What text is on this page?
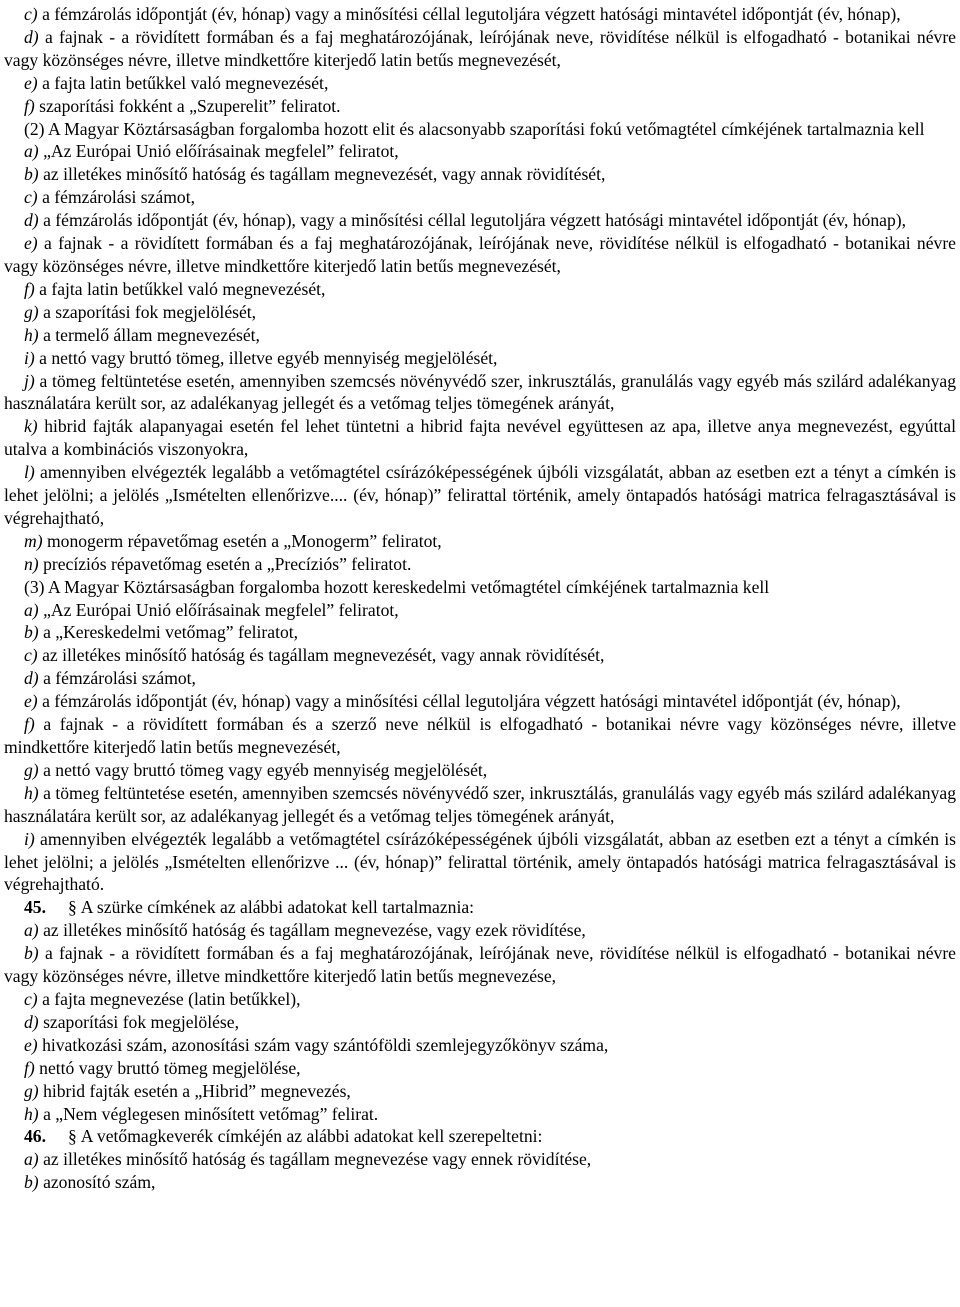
c) a fémzárolás időpontját (év, hónap) vagy a minősítési céllal legutoljára végzett hatósági mintavétel időpontját (év, hónap),

d) a fajnak - a rövidített formában és a faj meghatározójának, leírójának neve, rövidítése nélkül is elfogadható - botanikai névre vagy közönséges névre, illetve mindkettőre kiterjedő latin betűs megnevezését,

e) a fajta latin betűkkel való megnevezését,

f) szaporítási fokként a „Szuperelit” feliratot.

(2) A Magyar Köztársaságban forgalomba hozott elit és alacsonyabb szaporítási fokú vetőmagtétel címkéjének tartalmaznia kell

a) „Az Európai Unió előírásainak megfelel” feliratot,

b) az illetékes minősítő hatóság és tagállam megnevezését, vagy annak rövidítését,

c) a fémzárolási számot,

d) a fémzárolás időpontját (év, hónap), vagy a minősítési céllal legutoljára végzett hatósági mintavétel időpontját (év, hónap),

e) a fajnak - a rövidített formában és a faj meghatározójának, leírójának neve, rövidítése nélkül is elfogadható - botanikai névre vagy közönséges névre, illetve mindkettőre kiterjedő latin betűs megnevezését,

f) a fajta latin betűkkel való megnevezését,

g) a szaporítási fok megjelölését,

h) a termelő állam megnevezését,

i) a nettó vagy bruttó tömeg, illetve egyéb mennyiség megjelölését,

j) a tömeg feltüntetése esetén, amennyiben szemcsés növényvédő szer, inkrusztálás, granulálás vagy egyéb más szilárd adalékanyag használatára került sor, az adalékanyag jellegét és a vetőmag teljes tömegének arányát,

k) hibrid fajták alapanyagai esetén fel lehet tüntetni a hibrid fajta nevével együttesen az apa, illetve anya megnevezést, egyúttal utalva a kombinációs viszonyokra,

l) amennyiben elvégezték legalább a vetőmagtétel csírázóképességének újbóli vizsgálatát, abban az esetben ezt a tényt a címkén is lehet jelölni; a jelölés „Ismételten ellenőrizve.... (év, hónap)” felirattal történik, amely öntapadós hatósági matrica felragasztásával is végrehajtható,

m) monogerm répavetőmag esetén a „Monogerm” feliratot,

n) precíziós répavetőmag esetén a „Precíziós” feliratot.

(3) A Magyar Köztársaságban forgalomba hozott kereskedelmi vetőmagtétel címkéjének tartalmaznia kell

a) „Az Európai Unió előírásainak megfelel” feliratot,

b) a „Kereskedelmi vetőmag” feliratot,

c) az illetékes minősítő hatóság és tagállam megnevezését, vagy annak rövidítését,

d) a fémzárolási számot,

e) a fémzárolás időpontját (év, hónap) vagy a minősítési céllal legutoljára végzett hatósági mintavétel időpontját (év, hónap),

f) a fajnak - a rövidített formában és a szerző neve nélkül is elfogadható - botanikai névre vagy közönséges névre, illetve mindkettőre kiterjedő latin betűs megnevezését,

g) a nettó vagy bruttó tömeg vagy egyéb mennyiség megjelölését,

h) a tömeg feltüntetése esetén, amennyiben szemcsés növényvédő szer, inkrusztálás, granulálás vagy egyéb más szilárd adalékanyag használatára került sor, az adalékanyag jellegét és a vetőmag teljes tömegének arányát,

i) amennyiben elvégezték legalább a vetőmagtétel csírázóképességének újbóli vizsgálatát, abban az esetben ezt a tényt a címkén is lehet jelölni; a jelölés „Ismételten ellenőrizve ... (év, hónap)” felirattal történik, amely öntapadós hatósági matrica felragasztásával is végrehajtható.

45. § A szürke címkének az alábbi adatokat kell tartalmaznia:

a) az illetékes minősítő hatóság és tagállam megnevezése, vagy ezek rövidítése,

b) a fajnak - a rövidített formában és a faj meghatározójának, leírójának neve, rövidítése nélkül is elfogadható - botanikai névre vagy közönséges névre, illetve mindkettőre kiterjedő latin betűs megnevezése,

c) a fajta megnevezése (latin betűkkel),

d) szaporítási fok megjelölése,

e) hivatkozási szám, azonosítási szám vagy szántóföldi szemlejegyzőkönyv száma,

f) nettó vagy bruttó tömeg megjelölése,

g) hibrid fajták esetén a „Hibrid” megnevezés,

h) a „Nem véglegesen minősített vetőmag” felirat.

46. § A vetőmagkeverék címkéjén az alábbi adatokat kell szerepeltetni:

a) az illetékes minősítő hatóság és tagállam megnevezése vagy ennek rövidítése,

b) azonosító szám,
